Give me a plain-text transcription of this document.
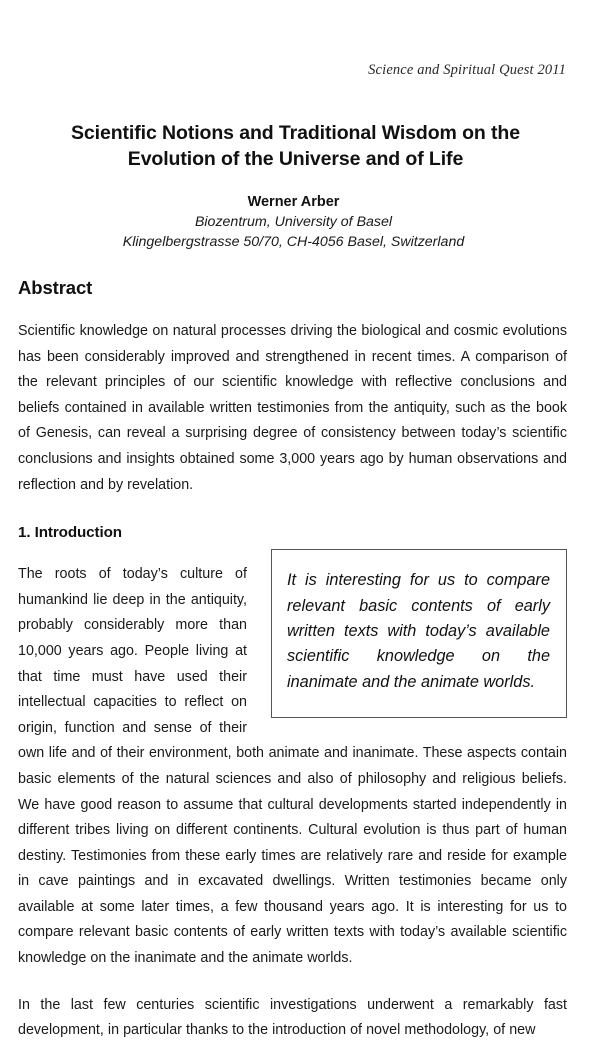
Science and Spiritual Quest 2011
Scientific Notions and Traditional Wisdom on the
Evolution of the Universe and of Life
Werner Arber
Biozentrum, University of Basel
Klingelbergstrasse 50/70, CH-4056 Basel, Switzerland
Abstract

Scientific knowledge on natural processes driving the biological and cosmic evolutions has been considerably improved and strengthened in recent times. A comparison of the relevant principles of our scientific knowledge with reflective conclusions and beliefs contained in available written testimonies from the antiquity, such as the book of Genesis, can reveal a surprising degree of consistency between today’s scientific conclusions and insights obtained some 3,000 years ago by human observations and reflection and by revelation.

1. Introduction

It is interesting for us to compare relevant basic contents of early written texts with today’s available scientific knowledge on the inanimate and the animate worlds.

The roots of today’s culture of humankind lie deep in the antiquity, probably considerably more than 10,000 years ago. People living at that time must have used their intellectual capacities to reflect on origin, function and sense of their own life and of their environment, both animate and inanimate. These aspects contain basic elements of the natural sciences and also of philosophy and religious beliefs. We have good reason to assume that cultural developments started independently in different tribes living on different continents. Cultural evolution is thus part of human destiny. Testimonies from these early times are relatively rare and reside for example in cave paintings and in excavated dwellings. Written testimonies became only available at some later times, a few thousand years ago. It is interesting for us to compare relevant basic contents of early written texts with today’s available scientific knowledge on the inanimate and the animate worlds.

In the last few centuries scientific investigations underwent a remarkably fast development, in particular thanks to the introduction of novel methodology, of new
